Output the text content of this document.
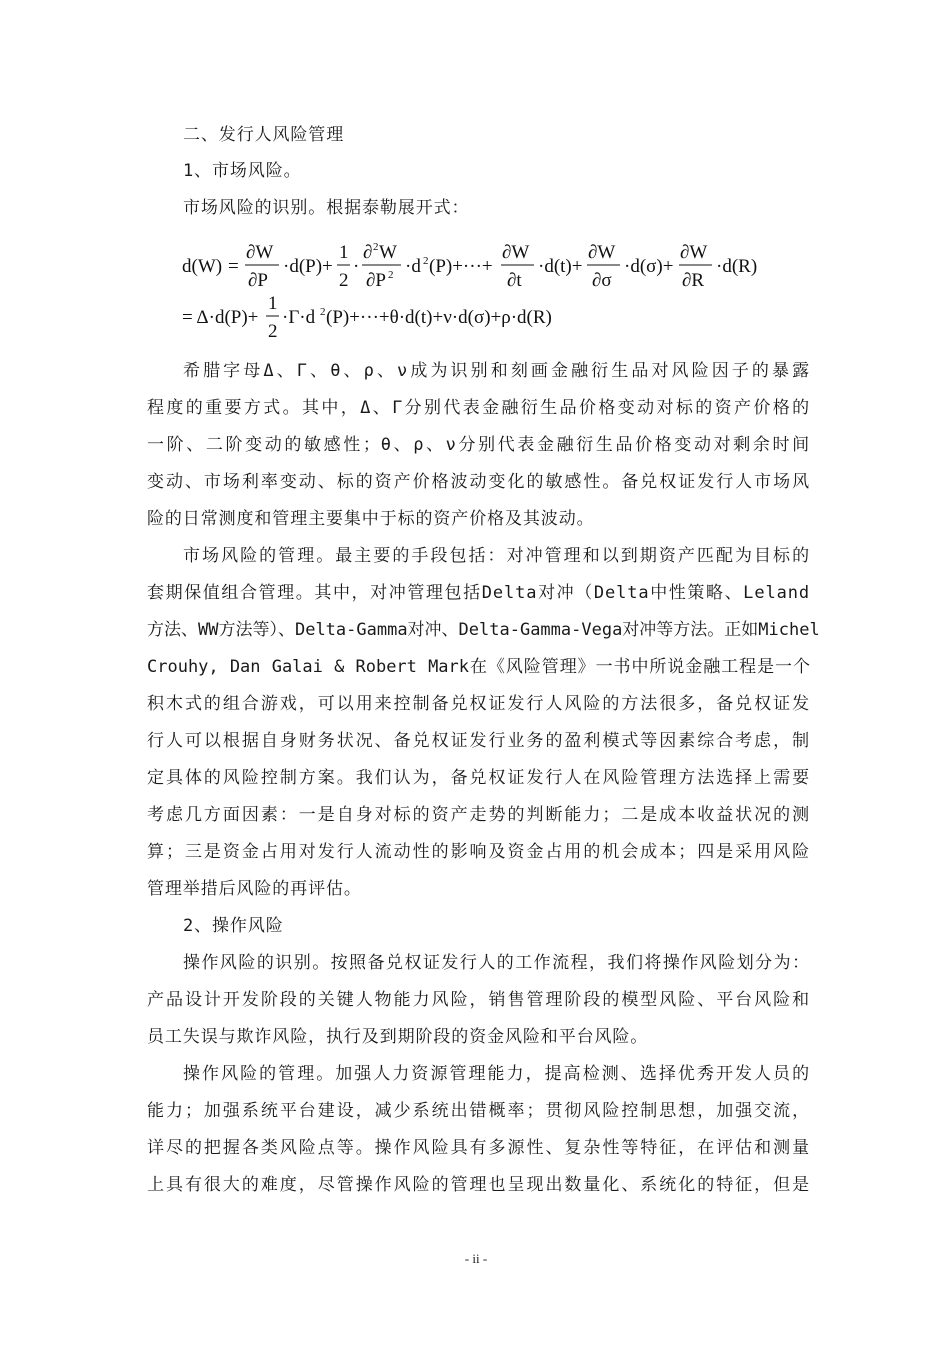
二、发行人风险管理
1、市场风险。
市场风险的识别。根据泰勒展开式：
d(W) =
∂W
∂P
·d(P)+
1
2
·
∂ 2 W
∂P 2 ·d 2 (P)+···+
∂W
∂t
·d(t)+
∂W
∂σ
·d(σ)+
∂W
∂R
·d(R)
= Δ·d(P)+
1
2
·Γ·d 2 (P)+···+θ·d(t)+ν·d(σ)+ρ·d(R)
希腊字母Δ、Γ、θ、ρ、ν成为识别和刻画金融衍生品对风险因子的暴露
程度的重要方式。其中，Δ、Γ分别代表金融衍生品价格变动对标的资产价格的
一阶、二阶变动的敏感性；θ、ρ、ν分别代表金融衍生品价格变动对剩余时间
变动、市场利率变动、标的资产价格波动变化的敏感性。备兑权证发行人市场风
险的日常测度和管理主要集中于标的资产价格及其波动。
市场风险的管理。最主要的手段包括：对冲管理和以到期资产匹配为目标的
套期保值组合管理。其中，对冲管理包括Delta对冲（Delta中性策略、Leland
方法、WW方法等）、Delta-Gamma对冲、Delta-Gamma-Vega对冲等方法。正如Michel
Crouhy, Dan Galai & Robert Mark在《风险管理》一书中所说金融工程是一个
积木式的组合游戏，可以用来控制备兑权证发行人风险的方法很多，备兑权证发
行人可以根据自身财务状况、备兑权证发行业务的盈利模式等因素综合考虑，制
定具体的风险控制方案。我们认为，备兑权证发行人在风险管理方法选择上需要
考虑几方面因素：一是自身对标的资产走势的判断能力；二是成本收益状况的测
算；三是资金占用对发行人流动性的影响及资金占用的机会成本；四是采用风险
管理举措后风险的再评估。
2、操作风险
操作风险的识别。按照备兑权证发行人的工作流程，我们将操作风险划分为：
产品设计开发阶段的关键人物能力风险，销售管理阶段的模型风险、平台风险和
员工失误与欺诈风险，执行及到期阶段的资金风险和平台风险。
操作风险的管理。加强人力资源管理能力，提高检测、选择优秀开发人员的
能力；加强系统平台建设，减少系统出错概率；贯彻风险控制思想，加强交流，
详尽的把握各类风险点等。操作风险具有多源性、复杂性等特征，在评估和测量
上具有很大的难度，尽管操作风险的管理也呈现出数量化、系统化的特征，但是
- ii -
